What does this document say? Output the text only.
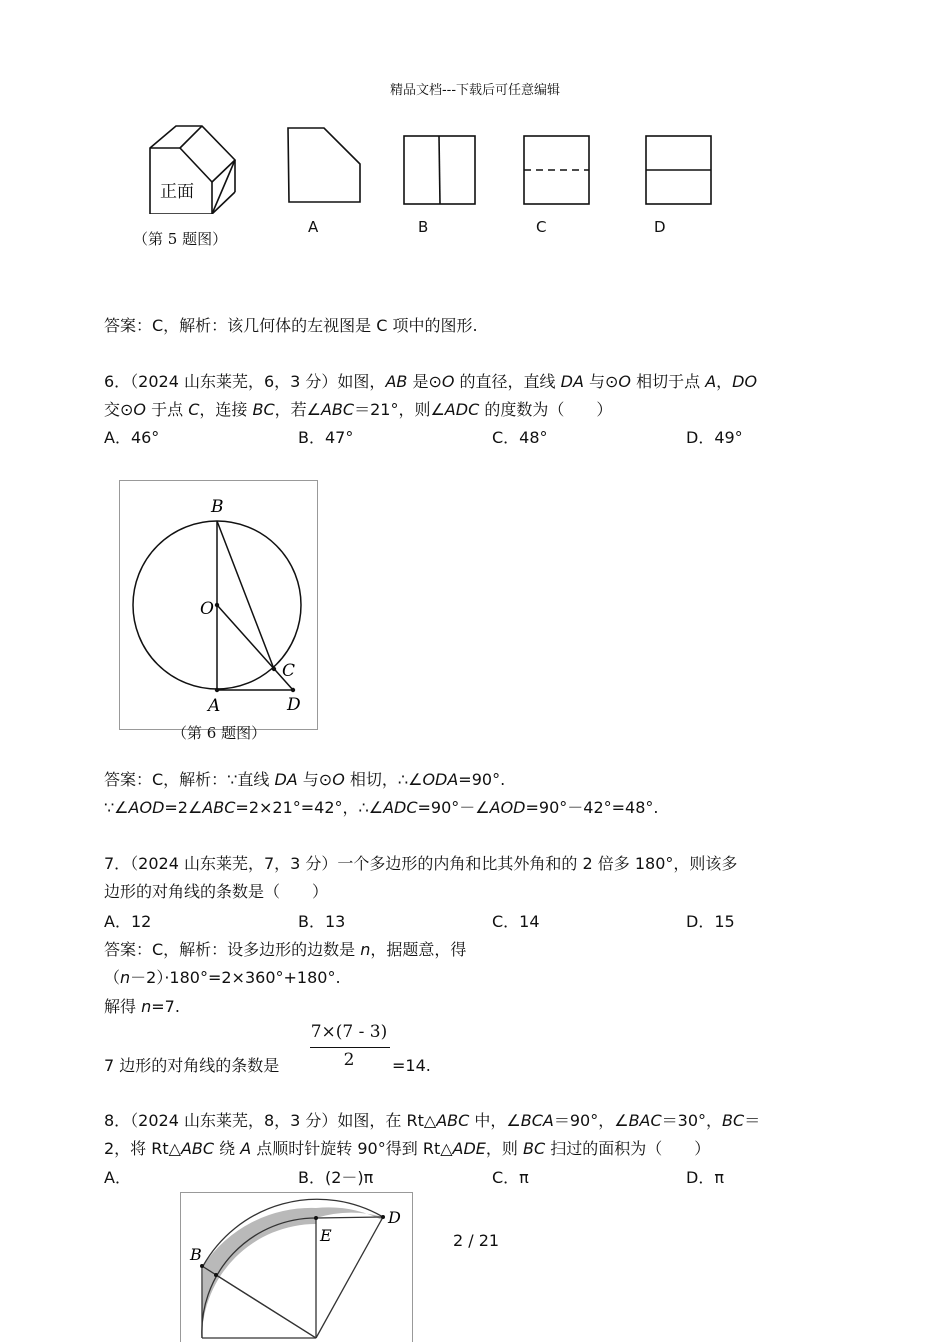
精品文档---下载后可任意编辑
正面
（第 5 题图）
A	B	C	D
答案：C，解析：该几何体的左视图是 C 项中的图形.
6．（2024 山东莱芜，6，3 分）如图，AB 是⊙O 的直径，直线 DA 与⊙O 相切于点 A，DO
交⊙O 于点 C，连接 BC，若∠ABC＝21°，则∠ADC 的度数为（　　）
A．46°	B．47°	C．48°	D．49°
B
O
C
A	D
（第 6 题图）
答案：C，解析：∵直线 DA 与⊙O 相切，∴∠ODA=90°.
∵∠AOD=2∠ABC=2×21°=42°，∴∠ADC=90°－∠AOD=90°－42°=48°.
7．（2024 山东莱芜，7，3 分）一个多边形的内角和比其外角和的 2 倍多 180°，则该多
边形的对角线的条数是（　　）
A．12	B．13	C．14	D．15
答案：C，解析：设多边形的边数是 n，据题意，得
（n－2）·180°=2×360°+180°.
解得 n=7.
7×(7 - 3)
2
7 边形的对角线的条数是	=14.
8．（2024 山东莱芜，8，3 分）如图，在 Rt△ABC 中，∠BCA＝90°，∠BAC＝30°，BC＝
2，将 Rt△ABC 绕 A 点顺时针旋转 90°得到 Rt△ADE，则 BC 扫过的面积为（　　）
A．	B．(2－)π	C．π	D．π
B
E
D
2 / 21
